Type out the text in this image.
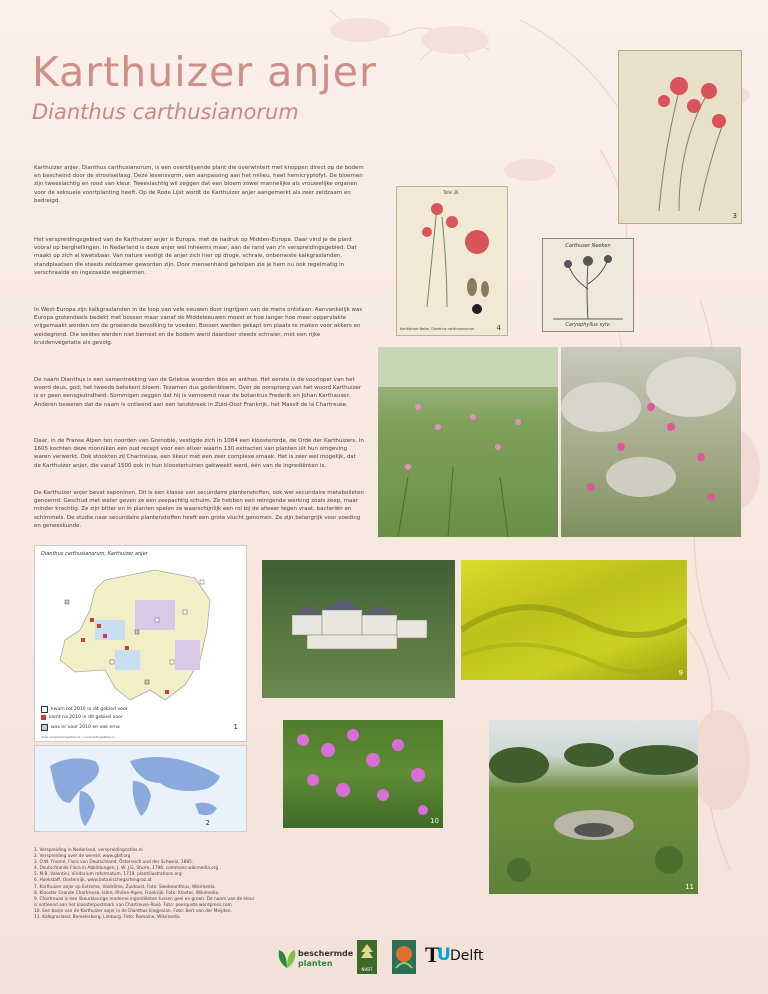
Karthuizer anjer
Dianthus carthusianorum
Karthuizer anjer, Dianthus carthusianorum, is een overblijvende plant die overwintert met knoppen direct op de bodem en bescheind door de strooisellaag. Deze levensvorm, een aanpassing aan het milieu, heet hemicryptofyt. De bloemen zijn tweeslachtig en rood van kleur. Tweeslachtig wil zeggen dat een bloem zowel mannelijke als vrouwelijke organen voor de seksuele voortplanting heeft. Op de Rode Lijst wordt de Karthuizer anjer aangemerkt als zeer zeldzaam en bedreigd.
Het verspreidingsgebied van de Karthuizer anjer is Europa, met de nadruk op Midden-Europa. Daar vind je de plant vooral op berghellingen. In Nederland is deze anjer wel inheems maar, aan de rand van z'n verspreidingsgebied. Dat maakt op zich al kwetsbaar. Van nature vestigt de anjer zich hier op droge, schrale, onbemeste kalkgraslanden, standplaatsen die steeds zeldzamer geworden zijn. Door mensenhand geholpen zie je hem nu ook regelmatig in verschraalde en ingezaaide wegbermen.
In West-Europa zijn kalkgraslanden in de loop van vele eeuwen door ingrijpen van de mens ontstaan. Aanvankelijk was Europa grotendeels bedekt met bossen maar vanaf de Middeleeuwen moest er hoe langer hoe meer oppervlakte vrijgemaakt worden om de groeiende bevolking te voeden. Bossen werden gekapt om plaats te maken voor akkers en weidegrond. Die weides werden niet bemest en de bodem werd daardoor steeds schraler, met een rijke kruidenvegetatie als gevolg.
De naam Dianthus is een samentrekking van de Griekse woorden dios en anthos. Het eerste is de voorloper van het woord deus, god; het tweede betekent bloem. Tezamen dus godenbloem. Over de oorsprong van het woord Karthuizer is er geen eensgezindheid. Sommigen zeggen dat hij is vernoemd naar de botanicus Frederik en Johan Karthauser. Anderen beweren dat de naam is ontleend aan een landstreek in Zuid-Oost Frankrijk, het Massif de la Chartreuse.
Daar, in de Franse Alpen ten noorden van Grenoble, vestigde zich in 1084 een kloosterorde, de Orde der Karthuizers. In 1605 kochten deze monniken een oud recept voor een elixer waarin 130 extracten van planten uit hun omgeving waren verwerkt. Ook stookten zij Chartreuse, een likeur met een zeer complexe smaak. Het is zeer wel mogelijk, dat de Karthuizer anjer, die vanaf 1500 ook in hun kloostertuinen gekweekt werd, één van de ingrediënten is.
De Karthuizer anjer bevat saponinen. Dit is een klasse van secundaire plantenstoffen, ook wel secundaire metabolieten genoemd. Geschud met water geven ze een zeepachtig schuim. Ze hebben een reinigende werking zoals zeep, maar minder krachtig. Ze zijn bitter en in planten spelen ze waarschijnlijk een rol bij de afweer tegen vraat, bacteriën en schimmels. De studie naar secundaire plantenstoffen heeft een grote vlucht genomen. Ze zijn belangrijk voor voeding en geneeskunde.
3
Tafel 36
Karthäuser-Nelke, Dianthus carthusianorum.	4
Carthuser Neeken
Caryophyllus sylv.
Dianthus carthusianorum, Karthuizer anjer
kwam tot 2010 in dit gebied voor
komt na 2010 in dit gebied voor
was er voor 2010 en ook erna
www.verspreidingsatlas.nl / verspreidingsatlas.nl
1
2
9
10
11
1. Verspreiding in Nederland, verspreidingsatlas.nl
2. Verspreiding over de wereld: www.gbif.org
3. O.W. Thomé, Flora von Deutschland, Österreich und der Schweiz, 1885.
4. Deutschlands Flora in Abbildungen, J. W. J.G. Sturm, 1796. commons.wikimedia.org
5. M.B. Valentini, Viridarium reformatum, 1719. plantillustrations.org
6. Hoekstaff, Oostenrijk, www.botanischegartengraz.at
7. Karthuizer anjer op Estreme, Valdrôme, Zuidoost. Foto: Swebeanthius, Wikimedia.
8. Klooster Grande Chartreuse, Isère, Rhône-Alpes, Frankrijk. Foto: Kloster, Wikimedia.
9. Chartreuse is een likeurkleurige moderne ingrediënten tussen geel en groen. De naam van de kleur
is ontleend aan het kloosterpostmark van Chartreuse-Rosé. Foto: peerquote.wordpress.com
10. Een bosje van de Karthuizer anjer in de Dianthus kingjesian. Foto: Bert van der Meijden.
11. Kalkgrasland, Bemelerberg, Limburg. Foto: Romaine, Wikimedia.
beschermde
planten
NVBT
T
U Delft
